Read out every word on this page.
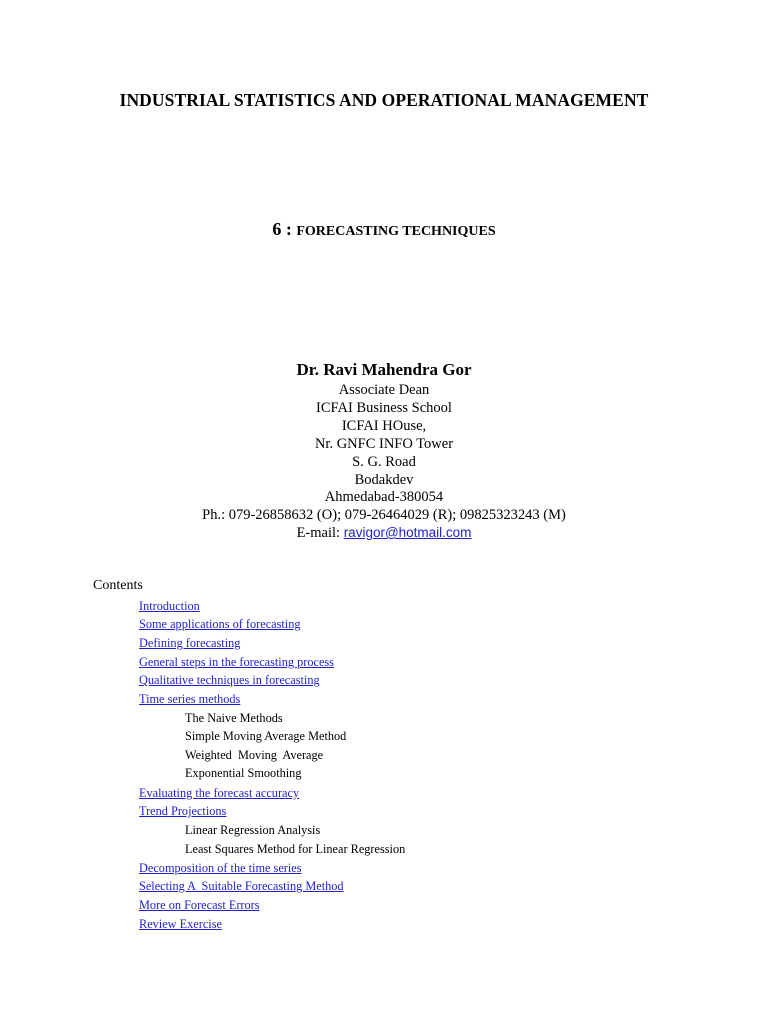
INDUSTRIAL STATISTICS AND OPERATIONAL MANAGEMENT
6 : FORECASTING TECHNIQUES
Dr. Ravi Mahendra Gor
Associate Dean
ICFAI Business School
ICFAI HOuse,
Nr. GNFC INFO Tower
S. G. Road
Bodakdev
Ahmedabad-380054
Ph.: 079-26858632 (O); 079-26464029 (R); 09825323243 (M)
E-mail: ravigor@hotmail.com
Contents
Introduction
Some applications of forecasting
Defining forecasting
General steps in the forecasting process
Qualitative techniques in forecasting
Time series methods
The Naive Methods
Simple Moving Average Method
Weighted  Moving  Average
Exponential Smoothing
Evaluating the forecast accuracy
Trend Projections
Linear Regression Analysis
Least Squares Method for Linear Regression
Decomposition of the time series
Selecting A  Suitable Forecasting Method
More on Forecast Errors
Review Exercise
